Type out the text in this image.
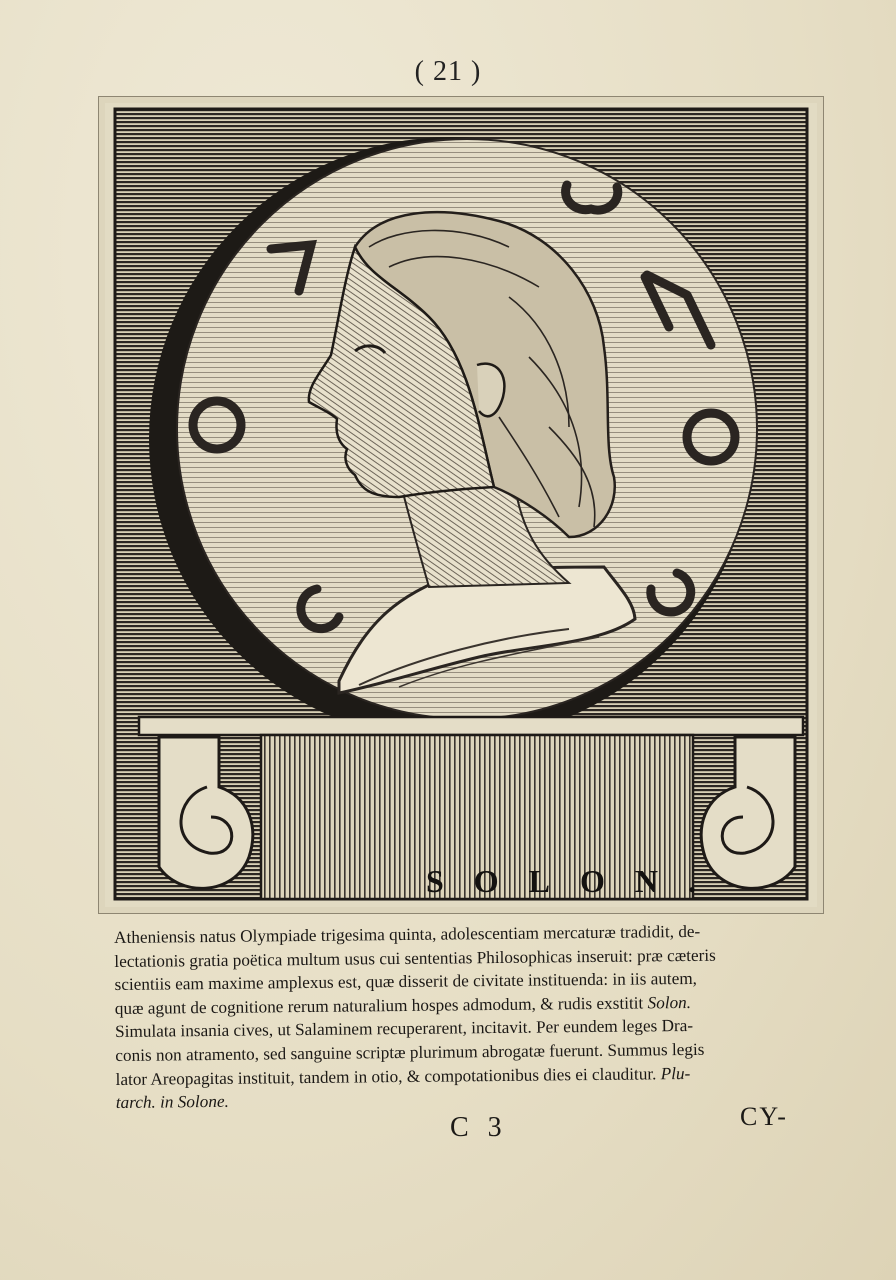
( 21 )
SOLON.
Atheniensis natus Olympiade trigesima quinta, adolescentiam mercaturæ tradidit, de-
lectationis gratia poëtica multum usus cui sententias Philosophicas inseruit: præ cæteris
scientiis eam maxime amplexus est, quæ disserit de civitate instituenda: in iis autem,
quæ agunt de cognitione rerum naturalium hospes admodum, & rudis exstitit Solon.
Simulata insania cives, ut Salaminem recuperarent, incitavit. Per eundem leges Dra-
conis non atramento, sed sanguine scriptæ plurimum abrogatæ fuerunt. Summus legis
lator Areopagitas instituit, tandem in otio, & compotationibus dies ei clauditur. Plu-
tarch. in Solone.
C 3	CY-
